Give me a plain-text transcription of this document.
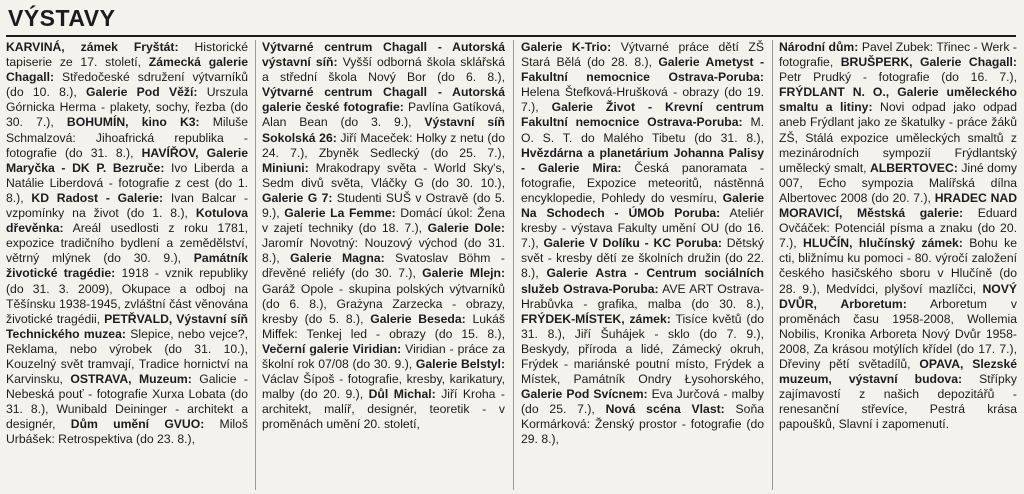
VÝSTAVY
KARVINÁ, zámek Fryštát: Historické tapiserie ze 17. století, Zámecká galerie Chagall: Středočeské sdružení výtvarníků (do 10. 8.), Galerie Pod Věží: Urszula Górnicka Herma - plakety, sochy, řezba (do 30. 7.), BOHUMÍN, kino K3: Miluše Schmalzová: Jihoafrická republika - fotografie (do 31. 8.), HAVÍŘOV, Galerie Maryčka - DK P. Bezruče: Ivo Liberda a Natálie Liberdová - fotografie z cest (do 1. 8.), KD Radost - Galerie: Ivan Balcar - vzpomínky na život (do 1. 8.), Kotulova dřevěnka: Areál usedlosti z roku 1781, expozice tradičního bydlení a zemědělství, větrný mlýnek (do 30. 9.), Památník životické tragédie: 1918 - vznik republiky (do 31. 3. 2009), Okupace a odboj na Těšínsku 1938-1945, zvláštní část věnována životické tragédii, PETŘVALD, Výstavní síň Technického muzea: Slepice, nebo vejce?, Reklama, nebo výrobek (do 31. 10.), Kouzelný svět tramvají, Tradice hornictví na Karvinsku, OSTRAVA, Muzeum: Galicie - Nebeská pouť - fotografie Xurxa Lobata (do 31. 8.), Wunibald Deininger - architekt a designér, Dům umění GVUO: Miloš Urbášek: Retrospektiva (do 23. 8.),
Výtvarné centrum Chagall - Autorská výstavní síň: Vyšší odborná škola sklářská a střední škola Nový Bor (do 6. 8.), Výtvarné centrum Chagall - Autorská galerie české fotografie: Pavlína Gatíková, Alan Bean (do 3. 9.), Výstavní síň Sokolská 26: Jiří Maceček: Holky z netu (do 24. 7.), Zbyněk Sedlecký (do 25. 7.), Miniuni: Mrakodrapy světa - World Sky's, Sedm divů světa, Vláčky G (do 30. 10.), Galerie G 7: Studenti SUŠ v Ostravě (do 5. 9.), Galerie La Femme: Domácí úkol: Žena v zajetí techniky (do 18. 7.), Galerie Dole: Jaromír Novotný: Nouzový východ (do 31. 8.), Galerie Magna: Svatoslav Böhm - dřevěné reliéfy (do 30. 7.), Galerie Mlejn: Garáž Opole - skupina polských výtvarníků (do 6. 8.), Grażyna Zarzecka - obrazy, kresby (do 5. 8.), Galerie Beseda: Lukáš Miffek: Tenkej led - obrazy (do 15. 8.), Večerní galerie Viridian: Viridian - práce za školní rok 07/08 (do 30. 9.), Galerie Belstyl: Václav Šípoš - fotografie, kresby, karikatury, malby (do 20. 9.), Důl Michal: Jiří Kroha - architekt, malíř, designér, teoretik - v proměnách umění 20. století,
Galerie K-Trio: Výtvarné práce dětí ZŠ Stará Bělá (do 28. 8.), Galerie Ametyst - Fakultní nemocnice Ostrava-Poruba: Helena Štefková-Hrušková - obrazy (do 19. 7.), Galerie Život - Krevní centrum Fakultní nemocnice Ostrava-Poruba: M. O. S. T. do Malého Tibetu (do 31. 8.), Hvězdárna a planetárium Johanna Palisy - Galerie Mira: Česká panoramata - fotografie, Expozice meteoritů, nástěnná encyklopedie, Pohledy do vesmíru, Galerie Na Schodech - ÚMOb Poruba: Ateliér kresby - výstava Fakulty umění OU (do 16. 7.), Galerie V Dolíku - KC Poruba: Dětský svět - kresby dětí ze školních družin (do 22. 8.), Galerie Astra - Centrum sociálních služeb Ostrava-Poruba: AVE ART Ostrava-Hrabůvka - grafika, malba (do 30. 8.), FRÝDEK-MÍSTEK, zámek: Tisíce květů (do 31. 8.), Jiří Šuhájek - sklo (do 7. 9.), Beskydy, příroda a lidé, Zámecký okruh, Frýdek - mariánské poutní místo, Frýdek a Místek, Památník Ondry Łysohorského, Galerie Pod Svícnem: Eva Jurčová - malby (do 25. 7.), Nová scéna Vlast: Soňa Kormárková: Ženský prostor - fotografie (do 29. 8.),
Národní dům: Pavel Zubek: Třinec - Werk - fotografie, BRUŠPERK, Galerie Chagall: Petr Prudký - fotografie (do 16. 7.), FRÝDLANT N. O., Galerie uměleckého smaltu a litiny: Novi odpad jako odpad aneb Frýdlant jako ze škatulky - práce žáků ZŠ, Stálá expozice uměleckých smaltů z mezinárodních sympozií Frýdlantský umělecký smalt, ALBERTOVEC: Jiné domy 007, Echo sympozia Malířská dílna Albertovec 2008 (do 20. 7.), HRADEC NAD MORAVICÍ, Městská galerie: Eduard Ovčáček: Potenciál písma a znaku (do 20. 7.), HLUČÍN, hlučínský zámek: Bohu ke cti, bližnímu ku pomoci - 80. výročí založení českého hasičského sboru v Hlučíně (do 28. 9.), Medvídci, plyšoví mazlíčci, NOVÝ DVŮR, Arboretum: Arboretum v proměnách času 1958-2008, Wollemia Nobilis, Kronika Arboreta Nový Dvůr 1958-2008, Za krásou motýlích křídel (do 17. 7.), Dřeviny pětí světadílů, OPAVA, Slezské muzeum, výstavní budova: Střípky zajímavostí z našich depozitářů - renesanční střevíce, Pestrá krása papoušků, Slavní i zapomenutí.
